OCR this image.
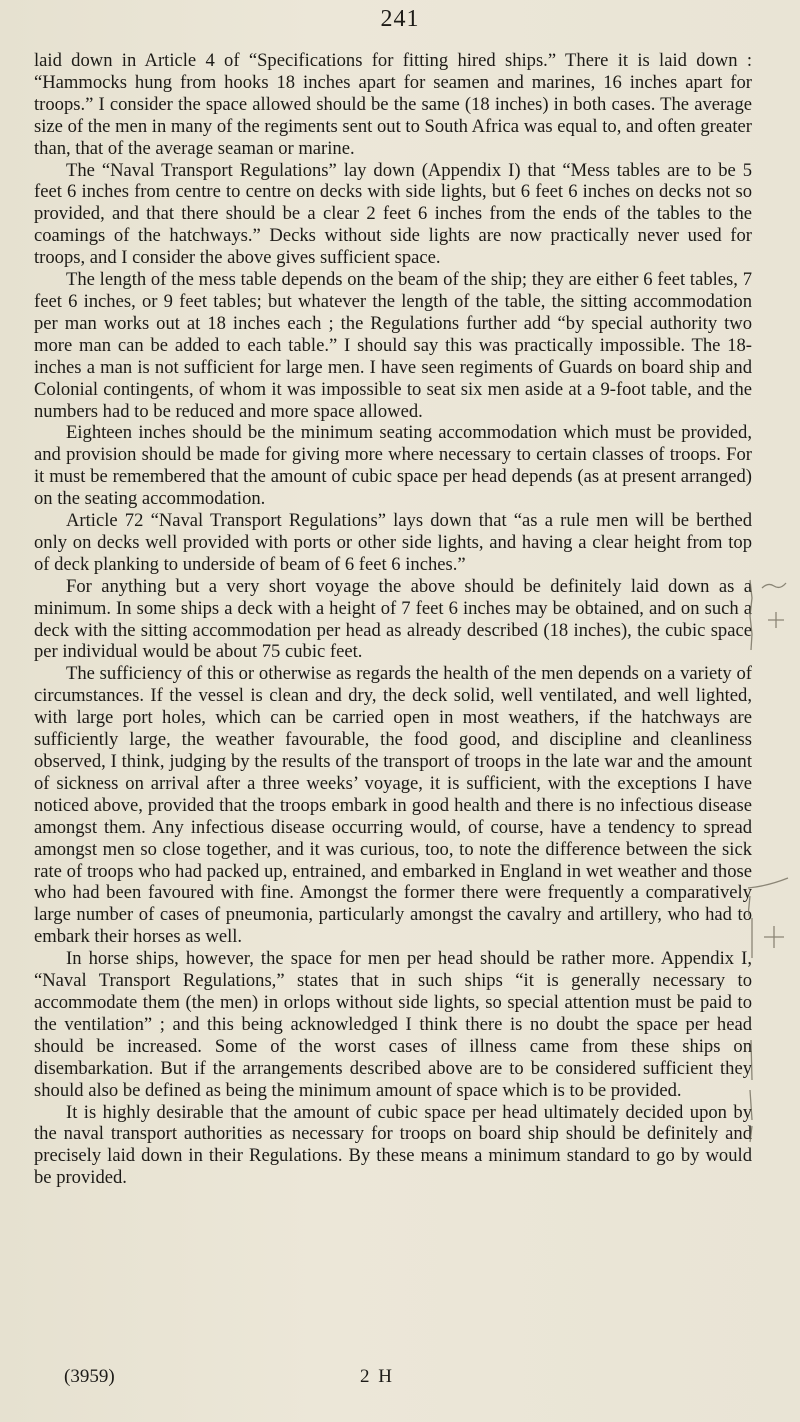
241

laid down in Article 4 of “Specifications for fitting hired ships.” There it is laid down : “Hammocks hung from hooks 18 inches apart for seamen and marines, 16 inches apart for troops.” I consider the space allowed should be the same (18 inches) in both cases. The average size of the men in many of the regiments sent out to South Africa was equal to, and often greater than, that of the average seaman or marine.

The “Naval Transport Regulations” lay down (Appendix I) that “Mess tables are to be 5 feet 6 inches from centre to centre on decks with side lights, but 6 feet 6 inches on decks not so provided, and that there should be a clear 2 feet 6 inches from the ends of the tables to the coamings of the hatchways.” Decks without side lights are now practically never used for troops, and I consider the above gives sufficient space.

The length of the mess table depends on the beam of the ship; they are either 6 feet tables, 7 feet 6 inches, or 9 feet tables; but whatever the length of the table, the sitting accommodation per man works out at 18 inches each ; the Regulations further add “by special authority two more man can be added to each table.” I should say this was practically impossible. The 18-inches a man is not sufficient for large men. I have seen regiments of Guards on board ship and Colonial contingents, of whom it was impossible to seat six men aside at a 9-foot table, and the numbers had to be reduced and more space allowed.

Eighteen inches should be the minimum seating accommodation which must be provided, and provision should be made for giving more where necessary to certain classes of troops. For it must be remembered that the amount of cubic space per head depends (as at present arranged) on the seating accommodation.

Article 72 “Naval Transport Regulations” lays down that “as a rule men will be berthed only on decks well provided with ports or other side lights, and having a clear height from top of deck planking to underside of beam of 6 feet 6 inches.”

For anything but a very short voyage the above should be definitely laid down as a minimum. In some ships a deck with a height of 7 feet 6 inches may be obtained, and on such a deck with the sitting accommodation per head as already described (18 inches), the cubic space per individual would be about 75 cubic feet.

The sufficiency of this or otherwise as regards the health of the men depends on a variety of circumstances. If the vessel is clean and dry, the deck solid, well ventilated, and well lighted, with large port holes, which can be carried open in most weathers, if the hatchways are sufficiently large, the weather favourable, the food good, and discipline and cleanliness observed, I think, judging by the results of the transport of troops in the late war and the amount of sickness on arrival after a three weeks’ voyage, it is sufficient, with the exceptions I have noticed above, provided that the troops embark in good health and there is no infectious disease amongst them. Any infectious disease occurring would, of course, have a tendency to spread amongst men so close together, and it was curious, too, to note the difference between the sick rate of troops who had packed up, entrained, and embarked in England in wet weather and those who had been favoured with fine. Amongst the former there were frequently a comparatively large number of cases of pneumonia, particularly amongst the cavalry and artillery, who had to embark their horses as well.

In horse ships, however, the space for men per head should be rather more. Appendix I, “Naval Transport Regulations,” states that in such ships “it is generally necessary to accommodate them (the men) in orlops without side lights, so special attention must be paid to the ventilation” ; and this being acknowledged I think there is no doubt the space per head should be increased. Some of the worst cases of illness came from these ships on disembarkation. But if the arrangements described above are to be considered sufficient they should also be defined as being the minimum amount of space which is to be provided.

It is highly desirable that the amount of cubic space per head ultimately decided upon by the naval transport authorities as necessary for troops on board ship should be definitely and precisely laid down in their Regulations. By these means a minimum standard to go by would be provided.

(3959)	2 H
